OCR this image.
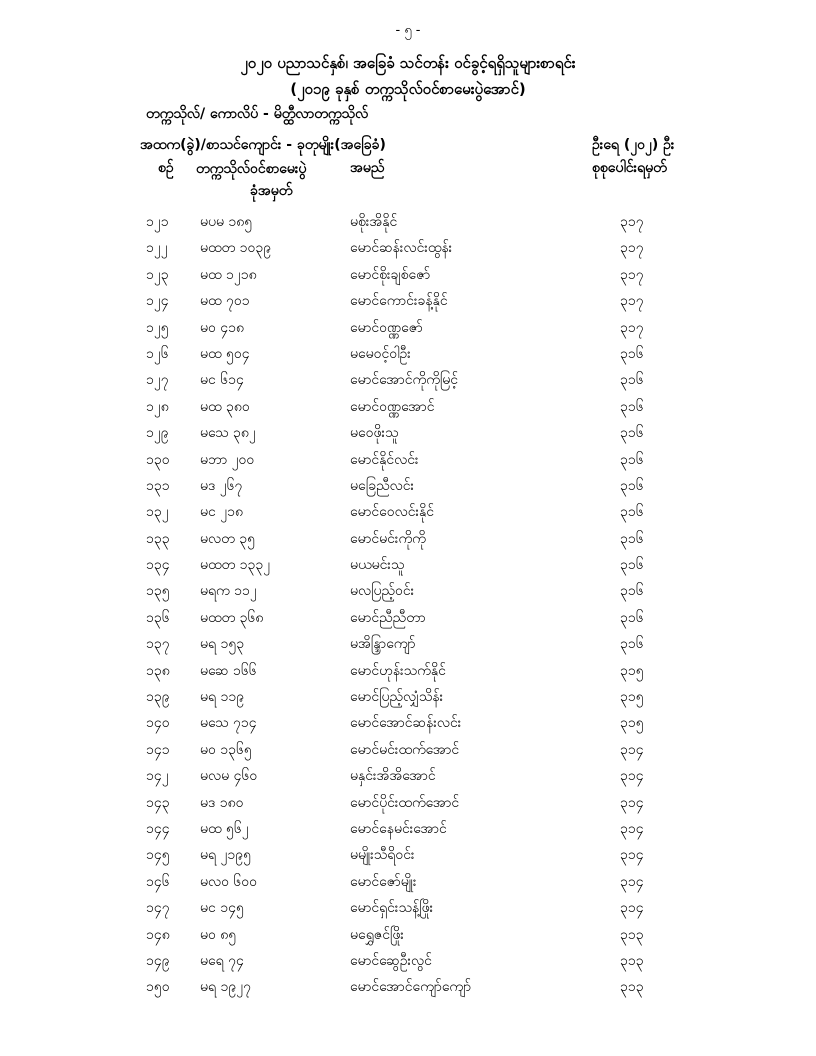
- ၅ -
၂၀၂၀ ပညာသင်နှစ်၊ အခြေခံ သင်တန်း ဝင်ခွင့်ရရှိသူများစာရင်း
(၂၀၁၉ ခုနှစ် တက္ကသိုလ်ဝင်စာမေးပွဲအောင်)
တက္ကသိုလ်/ ကောလိပ် - မိတ္ထီလာတက္ကသိုလ်
အထက(ခွဲ)/စာသင်ကျောင်း - ခုတုမျိုး(အခြေခံ)	ဦးရေ (၂၀၂) ဦး
စဉ် တက္ကသိုလ်ဝင်စာမေးပွဲ
ခုံအမှတ်
အမည်	စုစုပေါင်းရမှတ်
၁၂၁ မပမ ၁၈၅	မစိုးအိနိုင်	၃၁၇
၁၂၂ မထတ ၁၀၃၉	မောင်ဆန်းလင်းထွန်း	၃၁၇
၁၂၃ မထ ၁၂၁၈	မောင်စိုးချစ်ဇော်	၃၁၇
၁၂၄ မထ ၇၀၁	မောင်ကောင်းခန့်နိုင်	၃၁၇
၁၂၅ မဝ ၄၁၈	မောင်ဝဏ္ဏဇော်	၃၁၇
၁၂၆ မထ ၅၀၄	မမေဝင့်ဝါဦး	၃၁၆
၁၂၇ မင ၆၁၄	မောင်အောင်ကိုကိုမြင့်	၃၁၆
၁၂၈ မထ ၃၈၀	မောင်ဝဏ္ဏအောင်	၃၁၆
၁၂၉ မသေ ၃၈၂	မဝေဖိုးသူ	၃၁၆
၁၃၀ မဘာ ၂၀၀	မောင်နိုင်လင်း	၃၁၆
၁၃၁ မဒ ၂၆၇	မခြေညီလင်း	၃၁၆
၁၃၂ မင ၂၁၈	မောင်ဝေလင်းနိုင်	၃၁၆
၁၃၃ မလတ ၃၅	မောင်မင်းကိုကို	၃၁၆
၁၃၄ မထတ ၁၃၃၂	မယမင်းသူ	၃၁၆
၁၃၅ မရက ၁၁၂	မလပြည့်ဝင်း	၃၁၆
၁၃၆ မထတ ၃၆၈	မောင်ညီညီတာ	၃၁၆
၁၃၇ မရ ၁၅၃	မအိန္ဒြာကျော်	၃၁၆
၁၃၈ မဆေ ၁၆၆	မောင်ဟုန်းသက်နိုင်	၃၁၅
၁၃၉ မရ ၁၁၉	မောင်ပြည့်လျှံသိန်း	၃၁၅
၁၄၀ မသေ ၇၁၄	မောင်အောင်ဆန်းလင်း	၃၁၅
၁၄၁ မဝ ၁၃၆၅	မောင်မင်းထက်အောင်	၃၁၄
၁၄၂ မလမ ၄၆၀	မနှင်းအိအိအောင်	၃၁၄
၁၄၃ မဒ ၁၈၀	မောင်ပိုင်းထက်အောင်	၃၁၄
၁၄၄ မထ ၅၆၂	မောင်နေမင်းအောင်	၃၁၄
၁၄၅ မရ ၂၁၉၅	မမျိုးသီရိဝင်း	၃၁၄
၁၄၆ မလဝ ၆၀၀	မောင်ဇော်မျိုး	၃၁၄
၁၄၇ မင ၁၄၅	မောင်ရှင်းသန့်ဖြိုး	၃၁၄
၁၄၈ မဝ ၈၅	မရွှေဇင်ဖြိုး	၃၁၃
၁၄၉ မရေ ၇၄	မောင်ဆွေဦးလွင်	၃၁၃
၁၅၀ မရ ၁၉၂၇	မောင်အောင်ကျော်ကျော်	၃၁၃
